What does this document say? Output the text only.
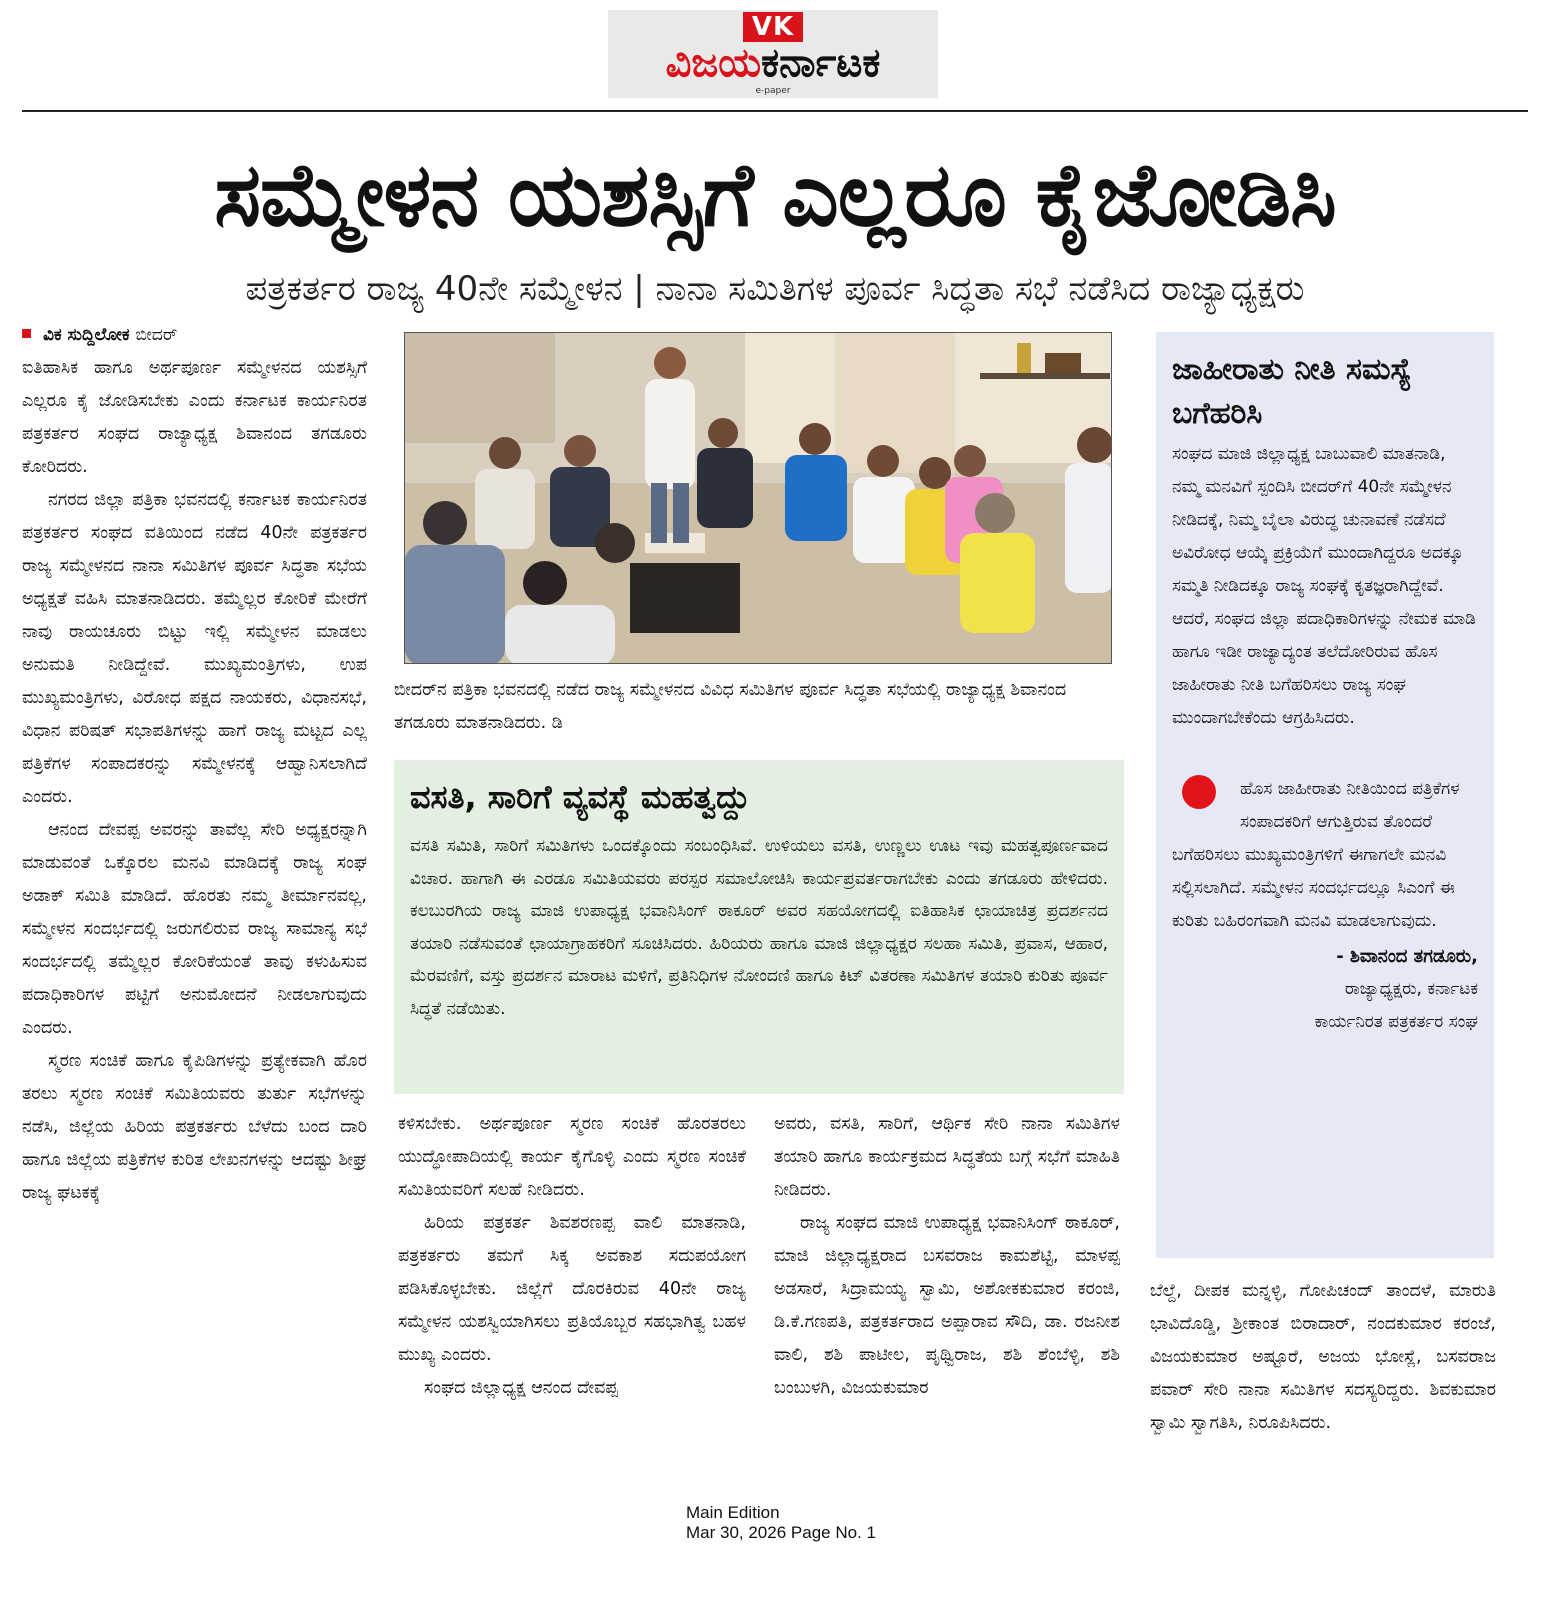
VK
ವಿಜಯಕರ್ನಾಟಕ
e-paper
ಸಮ್ಮೇಳನ ಯಶಸ್ಸಿಗೆ ಎಲ್ಲರೂ ಕೈಜೋಡಿಸಿ
ಪತ್ರಕರ್ತರ ರಾಜ್ಯ 40ನೇ ಸಮ್ಮೇಳನ | ನಾನಾ ಸಮಿತಿಗಳ ಪೂರ್ವ ಸಿದ್ಧತಾ ಸಭೆ ನಡೆಸಿದ ರಾಜ್ಯಾಧ್ಯಕ್ಷರು
ವಿಕ ಸುದ್ದಿಲೋಕ ಬೀದರ್

ಐತಿಹಾಸಿಕ ಹಾಗೂ ಅರ್ಥಪೂರ್ಣ ಸಮ್ಮೇಳನದ ಯಶಸ್ಸಿಗೆ ಎಲ್ಲರೂ ಕೈ ಜೋಡಿಸಬೇಕು ಎಂದು ಕರ್ನಾಟಕ ಕಾರ್ಯನಿರತ ಪತ್ರಕರ್ತರ ಸಂಘದ ರಾಜ್ಯಾಧ್ಯಕ್ಷ ಶಿವಾನಂದ ತಗಡೂರು ಕೋರಿದರು.

ನಗರದ ಜಿಲ್ಲಾ ಪತ್ರಿಕಾ ಭವನದಲ್ಲಿ ಕರ್ನಾಟಕ ಕಾರ್ಯನಿರತ ಪತ್ರಕರ್ತರ ಸಂಘದ ವತಿಯಿಂದ ನಡೆದ 40ನೇ ಪತ್ರಕರ್ತರ ರಾಜ್ಯ ಸಮ್ಮೇಳನದ ನಾನಾ ಸಮಿತಿಗಳ ಪೂರ್ವ ಸಿದ್ಧತಾ ಸಭೆಯ ಅಧ್ಯಕ್ಷತೆ ವಹಿಸಿ ಮಾತನಾಡಿದರು. ತಮ್ಮೆಲ್ಲರ ಕೋರಿಕೆ ಮೇರೆಗೆ ನಾವು ರಾಯಚೂರು ಬಿಟ್ಟು ಇಲ್ಲಿ ಸಮ್ಮೇಳನ ಮಾಡಲು ಅನುಮತಿ ನೀಡಿದ್ದೇವೆ. ಮುಖ್ಯಮಂತ್ರಿಗಳು, ಉಪ ಮುಖ್ಯಮಂತ್ರಿಗಳು, ವಿರೋಧ ಪಕ್ಷದ ನಾಯಕರು, ವಿಧಾನಸಭೆ, ವಿಧಾನ ಪರಿಷತ್ ಸಭಾಪತಿಗಳನ್ನು ಹಾಗೆ ರಾಜ್ಯ ಮಟ್ಟದ ಎಲ್ಲ ಪತ್ರಿಕೆಗಳ ಸಂಪಾದಕರನ್ನು ಸಮ್ಮೇಳನಕ್ಕೆ ಆಹ್ವಾನಿಸಲಾಗಿದೆ ಎಂದರು.

ಆನಂದ ದೇವಪ್ಪ ಅವರನ್ನು ತಾವೆಲ್ಲ ಸೇರಿ ಅಧ್ಯಕ್ಷರನ್ನಾಗಿ ಮಾಡುವಂತೆ ಒಕ್ಕೊರಲ ಮನವಿ ಮಾಡಿದಕ್ಕೆ ರಾಜ್ಯ ಸಂಘ ಅಡಾಕ್ ಸಮಿತಿ ಮಾಡಿದೆ. ಹೊರತು ನಮ್ಮ ತೀರ್ಮಾನವಲ್ಲ, ಸಮ್ಮೇಳನ ಸಂದರ್ಭದಲ್ಲಿ ಜರುಗಲಿರುವ ರಾಜ್ಯ ಸಾಮಾನ್ಯ ಸಭೆ ಸಂದರ್ಭದಲ್ಲಿ ತಮ್ಮೆಲ್ಲರ ಕೋರಿಕೆಯಂತೆ ತಾವು ಕಳುಹಿಸುವ ಪದಾಧಿಕಾರಿಗಳ ಪಟ್ಟಿಗೆ ಅನುಮೋದನೆ ನೀಡಲಾಗುವುದು ಎಂದರು.

ಸ್ಮರಣ ಸಂಚಿಕೆ ಹಾಗೂ ಕೈಪಿಡಿಗಳನ್ನು ಪ್ರತ್ಯೇಕವಾಗಿ ಹೊರ ತರಲು ಸ್ಮರಣ ಸಂಚಿಕೆ ಸಮಿತಿಯವರು ತುರ್ತು ಸಭೆಗಳನ್ನು ನಡೆಸಿ, ಜಿಲ್ಲೆಯ ಹಿರಿಯ ಪತ್ರಕರ್ತರು ಬೆಳೆದು ಬಂದ ದಾರಿ ಹಾಗೂ ಜಿಲ್ಲೆಯ ಪತ್ರಿಕೆಗಳ ಕುರಿತ ಲೇಖನಗಳನ್ನು ಆದಷ್ಟು ಶೀಘ್ರ ರಾಜ್ಯ ಘಟಕಕ್ಕೆ

ಬೀದರ್‌ನ ಪತ್ರಿಕಾ ಭವನದಲ್ಲಿ ನಡೆದ ರಾಜ್ಯ ಸಮ್ಮೇಳನದ ವಿವಿಧ ಸಮಿತಿಗಳ ಪೂರ್ವ ಸಿದ್ಧತಾ ಸಭೆಯಲ್ಲಿ ರಾಜ್ಯಾಧ್ಯಕ್ಷ ಶಿವಾನಂದ ತಗಡೂರು ಮಾತನಾಡಿದರು. ಡಿ
ವಸತಿ, ಸಾರಿಗೆ ವ್ಯವಸ್ಥೆ ಮಹತ್ವದ್ದು
ವಸತಿ ಸಮಿತಿ, ಸಾರಿಗೆ ಸಮಿತಿಗಳು ಒಂದಕ್ಕೊಂದು ಸಂಬಂಧಿಸಿವೆ. ಉಳಿಯಲು ವಸತಿ, ಉಣ್ಣಲು ಊಟ ಇವು ಮಹತ್ವಪೂರ್ಣವಾದ ವಿಚಾರ. ಹಾಗಾಗಿ ಈ ಎರಡೂ ಸಮಿತಿಯವರು ಪರಸ್ಪರ ಸಮಾಲೋಚಿಸಿ ಕಾರ್ಯಪ್ರವರ್ತರಾಗಬೇಕು ಎಂದು ತಗಡೂರು ಹೇಳಿದರು. ಕಲಬುರಗಿಯ ರಾಜ್ಯ ಮಾಜಿ ಉಪಾಧ್ಯಕ್ಷ ಭವಾನಿಸಿಂಗ್ ಠಾಕೂರ್ ಅವರ ಸಹಯೋಗದಲ್ಲಿ ಐತಿಹಾಸಿಕ ಛಾಯಾಚಿತ್ರ ಪ್ರದರ್ಶನದ ತಯಾರಿ ನಡೆಸುವಂತೆ ಛಾಯಾಗ್ರಾಹಕರಿಗೆ ಸೂಚಿಸಿದರು. ಹಿರಿಯರು ಹಾಗೂ ಮಾಜಿ ಜಿಲ್ಲಾಧ್ಯಕ್ಷರ ಸಲಹಾ ಸಮಿತಿ, ಪ್ರವಾಸ, ಆಹಾರ, ಮೆರವಣಿಗೆ, ವಸ್ತು ಪ್ರದರ್ಶನ ಮಾರಾಟ ಮಳಿಗೆ, ಪ್ರತಿನಿಧಿಗಳ ನೋಂದಣಿ ಹಾಗೂ ಕಿಟ್ ವಿತರಣಾ ಸಮಿತಿಗಳ ತಯಾರಿ ಕುರಿತು ಪೂರ್ವ ಸಿದ್ಧತೆ ನಡೆಯಿತು.

ಕಳಿಸಬೇಕು. ಅರ್ಥಪೂರ್ಣ ಸ್ಮರಣ ಸಂಚಿಕೆ ಹೊರತರಲು ಯುದ್ಧೋಪಾದಿಯಲ್ಲಿ ಕಾರ್ಯ ಕೈಗೊಳ್ಳಿ ಎಂದು ಸ್ಮರಣ ಸಂಚಿಕೆ ಸಮಿತಿಯವರಿಗೆ ಸಲಹೆ ನೀಡಿದರು.

ಹಿರಿಯ ಪತ್ರಕರ್ತ ಶಿವಶರಣಪ್ಪ ವಾಲಿ ಮಾತನಾಡಿ, ಪತ್ರಕರ್ತರು ತಮಗೆ ಸಿಕ್ಕ ಅವಕಾಶ ಸದುಪಯೋಗ ಪಡಿಸಿಕೊಳ್ಳಬೇಕು. ಜಿಲ್ಲೆಗೆ ದೊರಕಿರುವ 40ನೇ ರಾಜ್ಯ ಸಮ್ಮೇಳನ ಯಶಸ್ವಿಯಾಗಿಸಲು ಪ್ರತಿಯೊಬ್ಬರ ಸಹಭಾಗಿತ್ವ ಬಹಳ ಮುಖ್ಯ ಎಂದರು.

ಸಂಘದ ಜಿಲ್ಲಾಧ್ಯಕ್ಷ ಆನಂದ ದೇವಪ್ಪ

ಅವರು, ವಸತಿ, ಸಾರಿಗೆ, ಆರ್ಥಿಕ ಸೇರಿ ನಾನಾ ಸಮಿತಿಗಳ ತಯಾರಿ ಹಾಗೂ ಕಾರ್ಯಕ್ರಮದ ಸಿದ್ಧತೆಯ ಬಗ್ಗೆ ಸಭೆಗೆ ಮಾಹಿತಿ ನೀಡಿದರು.

ರಾಜ್ಯ ಸಂಘದ ಮಾಜಿ ಉಪಾಧ್ಯಕ್ಷ ಭವಾನಿಸಿಂಗ್ ಠಾಕೂರ್, ಮಾಜಿ ಜಿಲ್ಲಾಧ್ಯಕ್ಷರಾದ ಬಸವರಾಜ ಕಾಮಶೆಟ್ಟಿ, ಮಾಳಪ್ಪ ಅಡಸಾರೆ, ಸಿದ್ರಾಮಯ್ಯ ಸ್ವಾಮಿ, ಅಶೋಕಕುಮಾರ ಕರಂಜಿ, ಡಿ.ಕೆ.ಗಣಪತಿ, ಪತ್ರಕರ್ತರಾದ ಅಪ್ಪಾರಾವ ಸೌದಿ, ಡಾ. ರಜನೀಶ ವಾಲಿ, ಶಶಿ ಪಾಟೀಲ, ಪೃಥ್ವಿರಾಜ, ಶಶಿ ಶೆಂಬೆಳ್ಳಿ, ಶಶಿ ಬಂಬುಳಗಿ, ವಿಜಯಕುಮಾರ

ಜಾಹೀರಾತು ನೀತಿ ಸಮಸ್ಯೆ ಬಗೆಹರಿಸಿ
ಸಂಘದ ಮಾಜಿ ಜಿಲ್ಲಾಧ್ಯಕ್ಷ ಬಾಬುವಾಲಿ ಮಾತನಾಡಿ, ನಮ್ಮ ಮನವಿಗೆ ಸ್ಪಂದಿಸಿ ಬೀದರ್‌ಗೆ 40ನೇ ಸಮ್ಮೇಳನ ನೀಡಿದಕ್ಕೆ, ನಿಮ್ಮ ಬೈಲಾ ವಿರುದ್ಧ ಚುನಾವಣೆ ನಡೆಸದೆ ಅವಿರೋಧ ಆಯ್ಕೆ ಪ್ರಕ್ರಿಯೆಗೆ ಮುಂದಾಗಿದ್ದರೂ ಅದಕ್ಕೂ ಸಮ್ಮತಿ ನೀಡಿದಕ್ಕೂ ರಾಜ್ಯ ಸಂಘಕ್ಕೆ ಕೃತಜ್ಞರಾಗಿದ್ದೇವೆ. ಆದರೆ, ಸಂಘದ ಜಿಲ್ಲಾ ಪದಾಧಿಕಾರಿಗಳನ್ನು ನೇಮಕ ಮಾಡಿ ಹಾಗೂ ಇಡೀ ರಾಜ್ಯಾದ್ಯಂತ ತಲೆದೋರಿರುವ ಹೊಸ ಜಾಹೀರಾತು ನೀತಿ ಬಗೆಹರಿಸಲು ರಾಜ್ಯ ಸಂಘ ಮುಂದಾಗಬೇಕೆಂದು ಆಗ್ರಹಿಸಿದರು.
ಹೊಸ ಜಾಹೀರಾತು ನೀತಿಯಿಂದ ಪತ್ರಿಕೆಗಳ ಸಂಪಾದಕರಿಗೆ ಆಗುತ್ತಿರುವ ತೊಂದರೆ ಬಗೆಹರಿಸಲು ಮುಖ್ಯಮಂತ್ರಿಗಳಿಗೆ ಈಗಾಗಲೇ ಮನವಿ ಸಲ್ಲಿಸಲಾಗಿದೆ. ಸಮ್ಮೇಳನ ಸಂದರ್ಭದಲ್ಲೂ ಸಿಎಂಗೆ ಈ ಕುರಿತು ಬಹಿರಂಗವಾಗಿ ಮನವಿ ಮಾಡಲಾಗುವುದು.
- ಶಿವಾನಂದ ತಗಡೂರು,
ರಾಜ್ಯಾಧ್ಯಕ್ಷರು, ಕರ್ನಾಟಕ
ಕಾರ್ಯನಿರತ ಪತ್ರಕರ್ತರ ಸಂಘ

ಬೆಲ್ದೆ, ದೀಪಕ ಮನ್ನಳ್ಳಿ, ಗೋಪಿಚಂದ್ ತಾಂದಳೆ, ಮಾರುತಿ ಭಾವಿದೊಡ್ಡಿ, ಶ್ರೀಕಾಂತ ಬಿರಾದಾರ್, ನಂದಕುಮಾರ ಕರಂಜೆ, ವಿಜಯಕುಮಾರ ಅಷ್ಟೂರೆ, ಅಜಯ ಭೋಸ್ಲೆ, ಬಸವರಾಜ ಪವಾರ್ ಸೇರಿ ನಾನಾ ಸಮಿತಿಗಳ ಸದಸ್ಯರಿದ್ದರು. ಶಿವಕುಮಾರ ಸ್ವಾಮಿ ಸ್ವಾಗತಿಸಿ, ನಿರೂಪಿಸಿದರು.

Main Edition
Mar 30, 2026 Page No. 1
